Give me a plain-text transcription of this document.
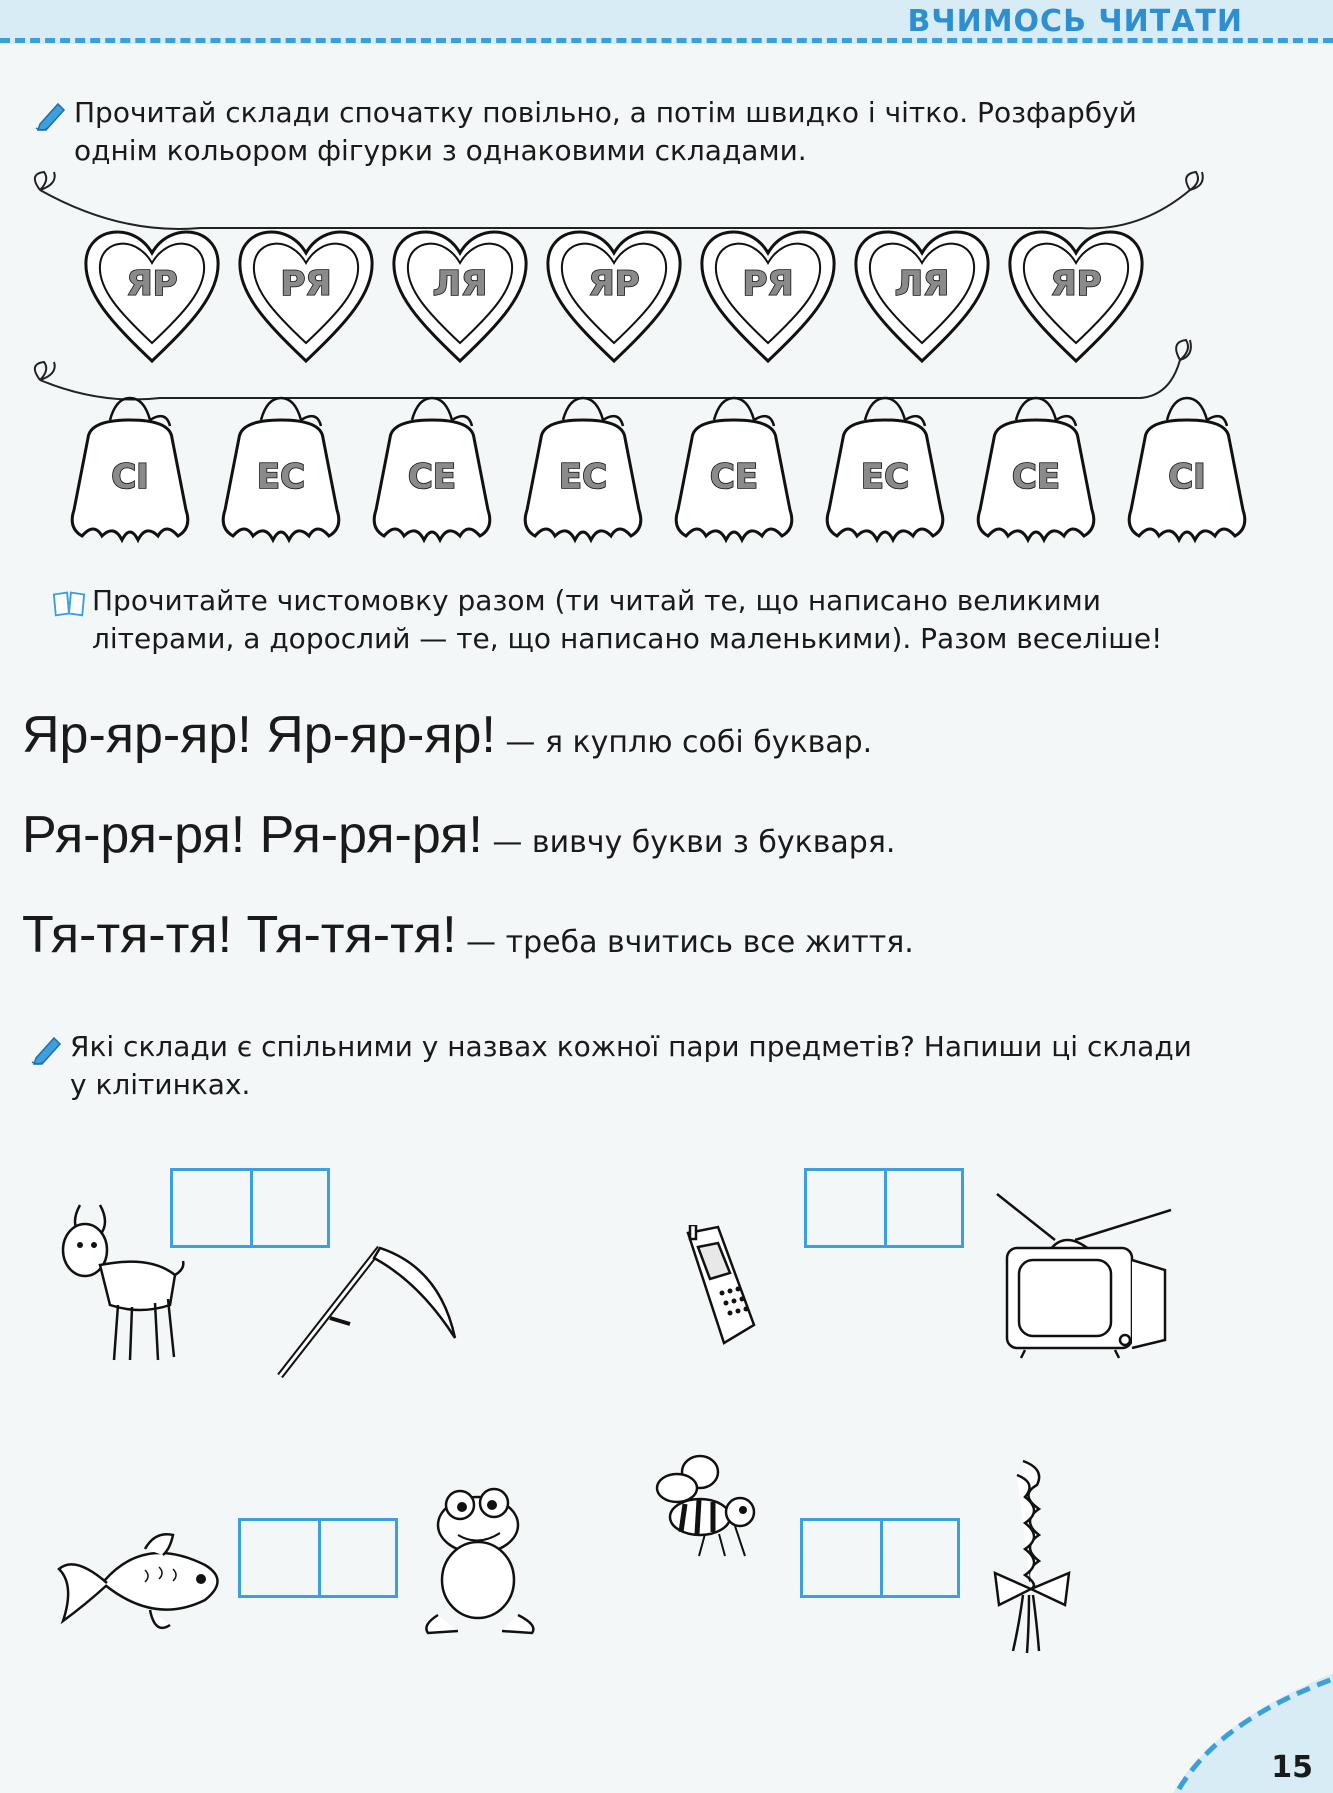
ВЧИМОСЬ ЧИТАТИ
Прочитай склади спочатку повільно, а потім швидко і чітко. Розфарбуй однім кольором фігурки з однаковими складами.
ЯР	РЯ	ЛЯ	ЯР	РЯ	ЛЯ	ЯР
СІ	ЕС	СЕ	ЕС	СЕ	ЕС	СЕ	СІ
Прочитайте чистомовку разом (ти читай те, що написано великими літерами, а дорослий — те, що написано маленькими). Разом веселіше!
Яр-яр-яр! Яр-яр-яр! — я куплю собі буквар.
Ря-ря-ря! Ря-ря-ря! — вивчу букви з букваря.
Тя-тя-тя! Тя-тя-тя! — треба вчитись все життя.
Які склади є спільними у назвах кожної пари предметів? Напиши ці склади у клітинках.
15
